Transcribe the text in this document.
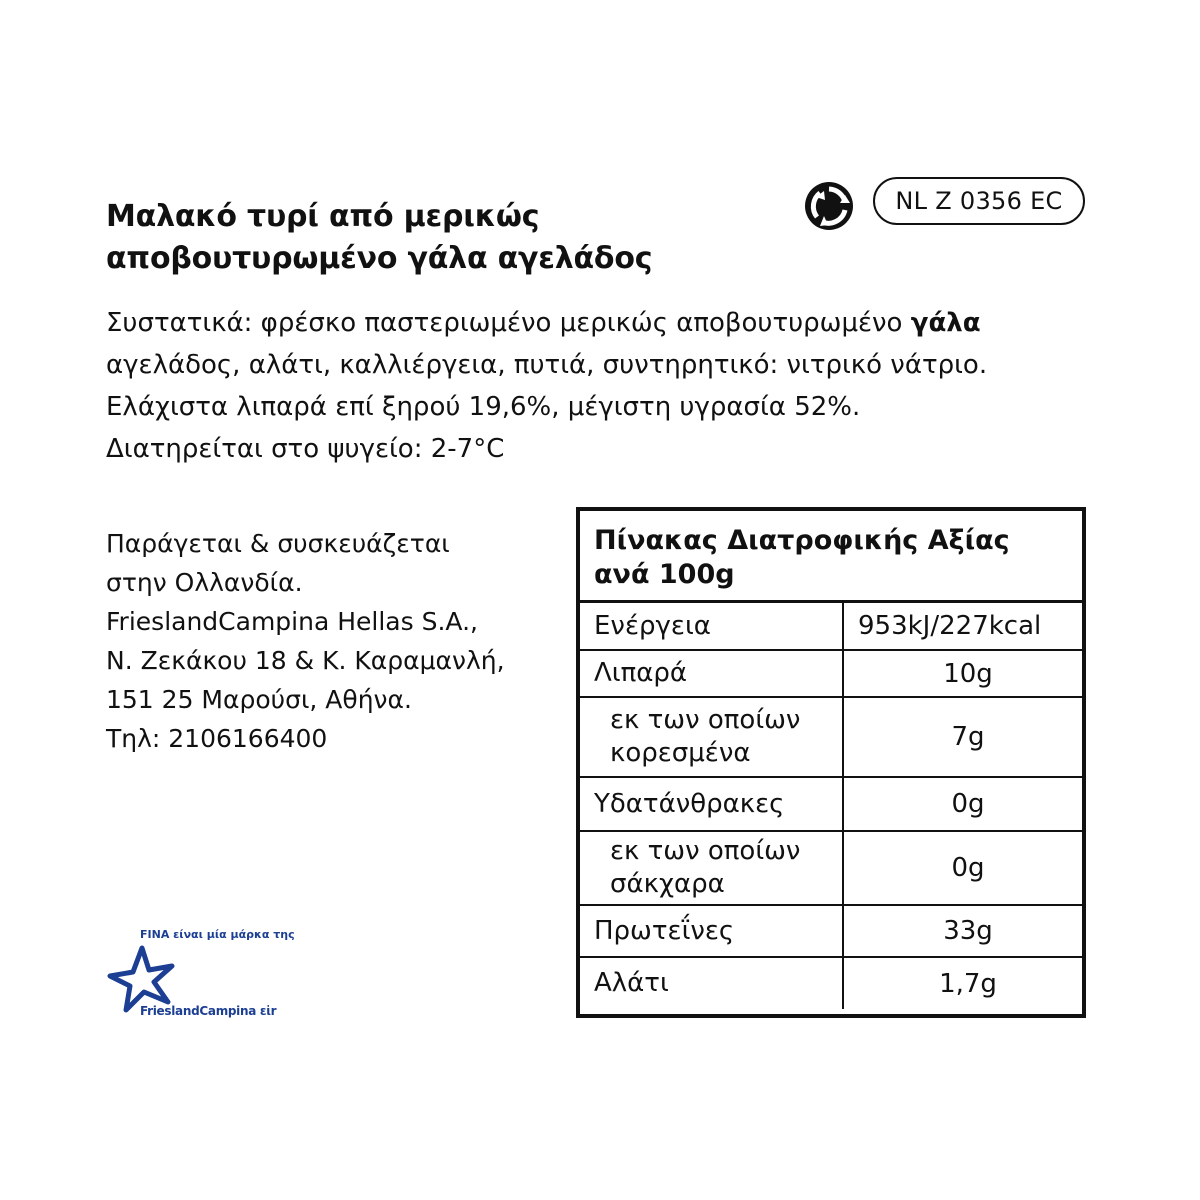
Μαλακό τυρί από μερικώς
αποβουτυρωμένο γάλα αγελάδος
NL Z 0356 EC
Συστατικά: φρέσκο παστεριωμένο μερικώς αποβουτυρωμένο γάλα
αγελάδος, αλάτι, καλλιέργεια, πυτιά, συντηρητικό: νιτρικό νάτριο.
Ελάχιστα λιπαρά επί ξηρού 19,6%, μέγιστη υγρασία 52%.
Διατηρείται στο ψυγείο: 2-7°C
Παράγεται & συσκευάζεται
στην Ολλανδία.
FrieslandCampina Hellas S.A.,
Ν. Ζεκάκου 18 & Κ. Καραμανλή,
151 25 Μαρούσι, Αθήνα.
Τηλ: 2106166400
FINA είναι μία μάρκα της
FrieslandCampina εἰr
Πίνακας Διατροφικής Αξίας
ανά 100g
Ενέργεια	953kJ/227kcal
Λιπαρά	10g

εκ των οποίων
κορεσμένα	7g
Υδατάνθρακες	0g

εκ των οποίων
σάκχαρα	0g
Πρωτεΐνες	33g
Αλάτι	1,7g
